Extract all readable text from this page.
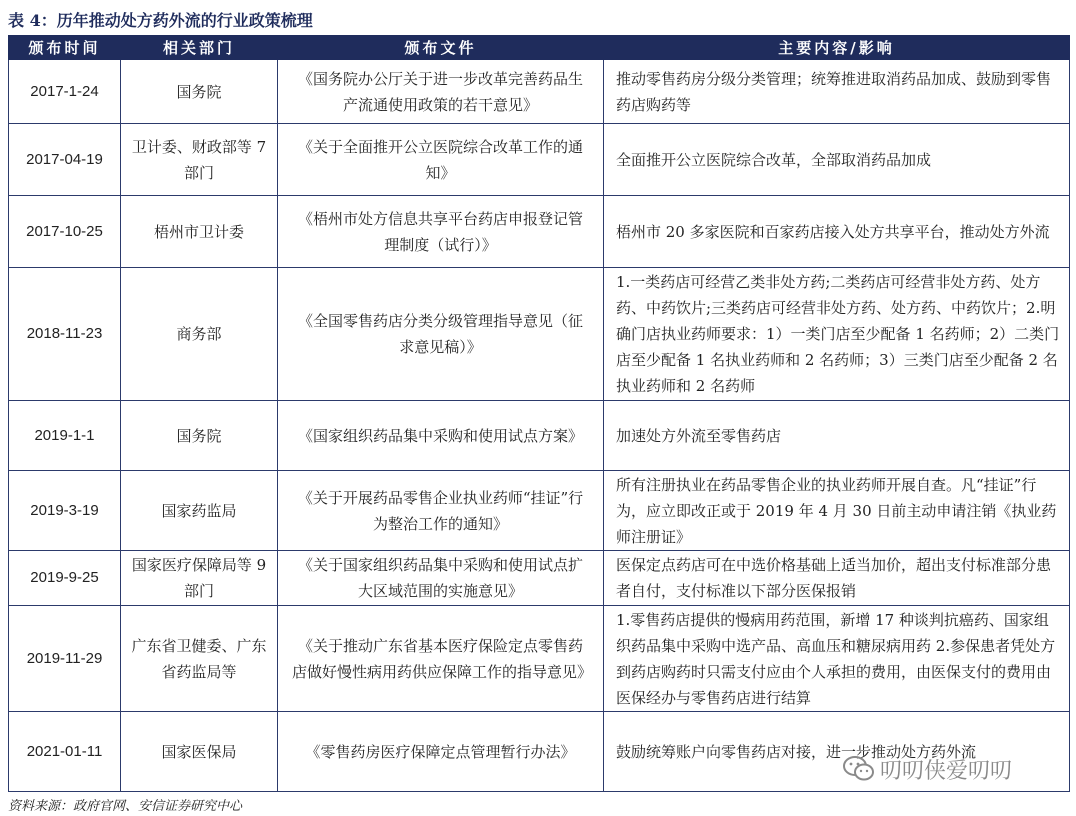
表 4：历年推动处方药外流的行业政策梳理
颁布时间	相关部门	颁布文件	主要内容/影响
2017-1-24	国务院	《国务院办公厅关于进一步改革完善药品生产流通使用政策的若干意见》	推动零售药房分级分类管理；统筹推进取消药品加成、鼓励到零售药店购药等
2017-04-19	卫计委、财政部等 7 部门	《关于全面推开公立医院综合改革工作的通知》	全面推开公立医院综合改革，全部取消药品加成
2017-10-25	梧州市卫计委	《梧州市处方信息共享平台药店申报登记管理制度（试行）》	梧州市 20 多家医院和百家药店接入处方共享平台，推动处方外流
2018-11-23	商务部	《全国零售药店分类分级管理指导意见（征求意见稿）》	1.一类药店可经营乙类非处方药;二类药店可经营非处方药、处方药、中药饮片;三类药店可经营非处方药、处方药、中药饮片；2.明确门店执业药师要求：1）一类门店至少配备 1 名药师；2）二类门店至少配备 1 名执业药师和 2 名药师；3）三类门店至少配备 2 名执业药师和 2 名药师
2019-1-1	国务院	《国家组织药品集中采购和使用试点方案》	加速处方外流至零售药店
2019-3-19	国家药监局	《关于开展药品零售企业执业药师“挂证”行为整治工作的通知》	所有注册执业在药品零售企业的执业药师开展自查。凡“挂证”行为，应立即改正或于 2019 年 4 月 30 日前主动申请注销《执业药师注册证》
2019-9-25	国家医疗保障局等 9 部门	《关于国家组织药品集中采购和使用试点扩大区域范围的实施意见》	医保定点药店可在中选价格基础上适当加价，超出支付标准部分患者自付，支付标准以下部分医保报销
2019-11-29	广东省卫健委、广东省药监局等	《关于推动广东省基本医疗保险定点零售药店做好慢性病用药供应保障工作的指导意见》	1.零售药店提供的慢病用药范围，新增 17 种谈判抗癌药、国家组织药品集中采购中选产品、高血压和糖尿病用药 2.参保患者凭处方到药店购药时只需支付应由个人承担的费用，由医保支付的费用由医保经办与零售药店进行结算
2021-01-11	国家医保局	《零售药房医疗保障定点管理暂行办法》	鼓励统筹账户向零售药店对接，进一步推动处方药外流
叨叨侠爱叨叨
资料来源：政府官网、安信证券研究中心
